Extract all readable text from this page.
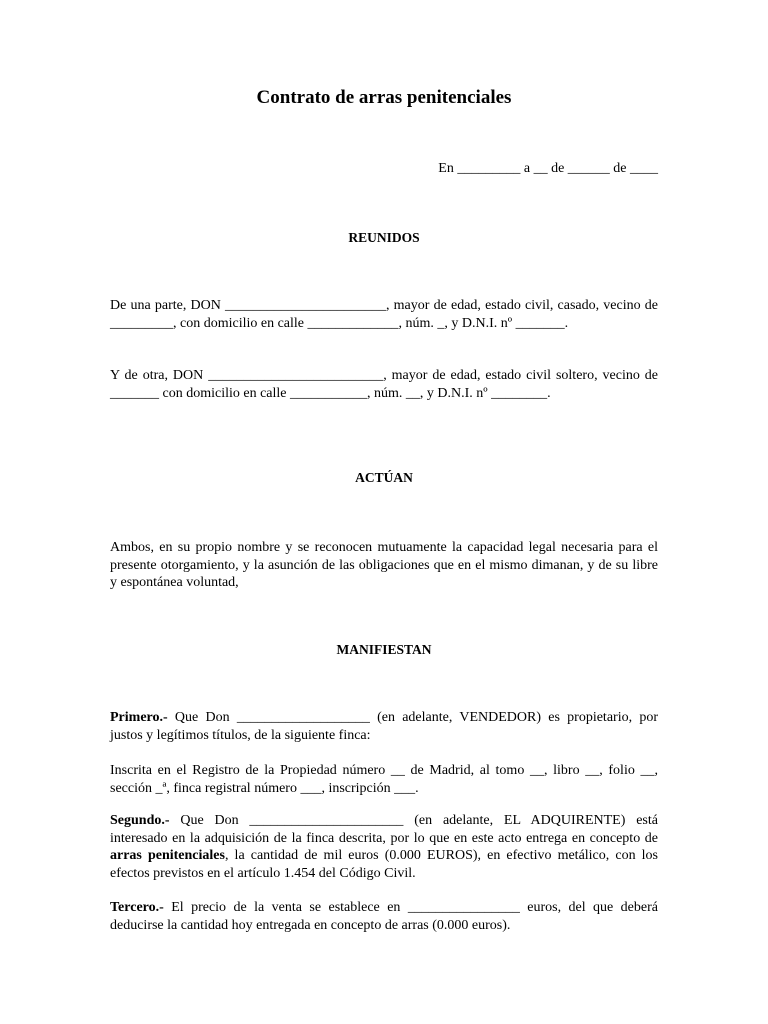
Contrato de arras penitenciales
En _________ a __ de ______ de ____
REUNIDOS

De una parte, DON _______________________, mayor de edad, estado civil, casado, vecino de _________, con domicilio en calle _____________, núm. _, y D.N.I. nº _______.

Y de otra, DON _________________________, mayor de edad, estado civil soltero, vecino de _______ con domicilio en calle ___________, núm. __, y D.N.I. nº ________.

ACTÚAN

Ambos, en su propio nombre y se reconocen mutuamente la capacidad legal necesaria para el presente otorgamiento, y la asunción de las obligaciones que en el mismo dimanan, y de su libre y espontánea voluntad,

MANIFIESTAN

Primero.- Que Don ___________________ (en adelante, VENDEDOR) es propietario, por justos y legítimos títulos, de la siguiente finca:

Inscrita en el Registro de la Propiedad número __ de Madrid, al tomo __, libro __, folio __, sección _ª, finca registral número ___, inscripción ___.

Segundo.- Que Don ______________________ (en adelante, EL ADQUIRENTE) está interesado en la adquisición de la finca descrita, por lo que en este acto entrega en concepto de arras penitenciales, la cantidad de mil euros (0.000 EUROS), en efectivo metálico, con los efectos previstos en el artículo 1.454 del Código Civil.

Tercero.- El precio de la venta se establece en ________________ euros, del que deberá deducirse la cantidad hoy entregada en concepto de arras (0.000 euros).
